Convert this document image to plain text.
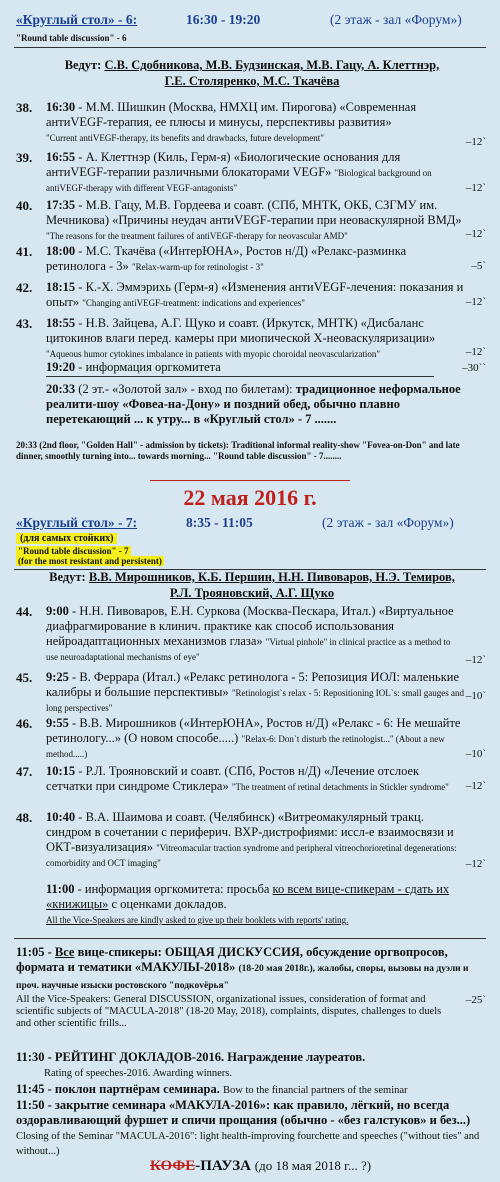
«Круглый стол» - 6:	16:30 - 19:20	(2 этаж - зал «Форум»)
"Round table discussion" - 6
Ведут: С.В. Сдобникова, М.В. Будзинская, М.В. Гацу, А. Клеттнэр,
Г.Е. Столяренко, М.С. Ткачёва
38. 16:30 - М.М. Шишкин (Москва, НМХЦ им. Пирогова) «Современная антиVEGF-терапия, ее плюсы и минусы, перспективы развития»
"Current antiVEGF-therapy, its benefits and drawbacks, future development"	–12`
39. 16:55 - А. Клеттнэр (Киль, Герм-я) «Биологические основания для антиVEGF-терапии различными блокаторами VEGF» "Biological background on antiVEGF-therapy with different VEGF-antagonists"	–12`
40. 17:35 - М.В. Гацу, М.В. Гордеева и соавт. (СПб, МНТК, ОКБ, СЗГМУ им. Мечникова) «Причины неудач антиVEGF-терапии при неоваскулярной ВМД»
"The reasons for the treatment failures of antiVEGF-therapy for neovascular AMD"	–12`
41. 18:00 - М.С. Ткачёва («ИнтерЮНА», Ростов н/Д) «Релакс-разминка ретинолога - 3» "Relax-warm-up for retinologist - 3"	–5`
42. 18:15 - К.-Х. Эммэрихь (Герм-я) «Изменения антиVEGF-лечения: показания и опыт» "Changing antiVEGF-treatment: indications and experiences"	–12`
43. 18:55 - Н.В. Зайцева, А.Г. Щуко и соавт. (Иркутск, МНТК) «Дисбаланс цитокинов влаги перед. камеры при миопической Х-неоваскуляризации»
"Aqueous humor cytokines imbalance in patients with myopic choroidal neovascularization"	–12`
19:20 - информация оргкомитета	–30``
20:33 (2 эт.- «Золотой зал» - вход по билетам): традиционное неформальное реалити-шоу «Фовеа-на-Дону» и поздний обед, обычно плавно перетекающий ... к утру... в «Круглый стол» - 7 .......
20:33 (2nd floor, "Golden Hall" - admission by tickets): Traditional informal reality-show "Fovea-on-Don" and late dinner, smoothly turning into... towards morning... "Round table discussion" - 7........
22 мая 2016 г.
«Круглый стол» - 7:	8:35 - 11:05	(2 этаж - зал «Форум»)
(для самых стойких)
"Round table discussion" - 7
(for the most resistant and persistent)
Ведут: В.В. Мирошников, К.Б. Першин, Н.Н. Пивоваров, Н.Э. Темиров,
Р.Л. Трояновский, А.Г. Щуко
44. 9:00 - Н.Н. Пивоваров, Е.Н. Суркова (Москва-Пескара, Итал.) «Виртуальное диафрагмирование в клинич. практике как способ использования нейроадаптационных механизмов глаза» "Virtual pinhole" in clinical practice as a method to use neuroadaptational mechanisms of eye"	–12`
45. 9:25 - В. Феррара (Итал.) «Релакс ретинолога - 5: Репозиция ИОЛ: маленькие калибры и большие перспективы» "Retinologist`s relax - 5: Repositioning IOL`s: small gauges and long perspectives"
–10`
46. 9:55 - В.В. Мирошников («ИнтерЮНА», Ростов н/Д) «Релакс - 6: Не мешайте ретинологу...» (О новом способе.....) "Relax-6: Don`t disturb the retinologist..." (About a new method.....)	–10`
47. 10:15 - Р.Л. Трояновский и соавт. (СПб, Ростов н/Д) «Лечение отслоек сетчатки при синдроме Стиклера» "The treatment of retinal detachments in Stickler syndrome"	–12`
48. 10:40 - В.А. Шаимова и соавт. (Челябинск) «Витреомакулярный тракц. синдром в сочетании с периферич. ВХР-дистрофиями: иссл-е взаимосвязи и ОКТ-визуализация» "Vitreomacular traction syndrome and peripheral vitreochorioretinal degenerations: comorbidity and OCT imaging"	–12`
11:00 - информация оргкомитета: просьба ко всем вице-спикерам - сдать их «книжицы» с оценками докладов.
All the Vice-Speakers are kindly asked to give up their booklets with reports' rating.
11:05 - Все вице-спикеры: ОБЩАЯ ДИСКУССИЯ, обсуждение оргвопросов, формата и тематики «МАКУЛЫ-2018» (18-20 мая 2018г.), жалобы, споры, вызовы на дуэли и проч. научные изыски ростовского "подкovёрья"

All the Vice-Speakers: General DISCUSSION, organizational issues, consideration of format and scientific subjects of "MACULA-2018" (18-20 May, 2018), complaints, disputes, challenges to duels and other scientific frills...
–25`
11:30 - РЕЙТИНГ ДОКЛАДОВ-2016. Награждение лауреатов.
Rating of speeches-2016. Awarding winners.
11:45 - поклон партнёрам семинара. Bow to the financial partners of the seminar
11:50 - закрытие семинара «МАКУЛА-2016»: как правило, лёгкий, но всегда оздоравливающий фуршет и спичи прощания (обычно - «без галстуков» и без...)
Closing of the Seminar "MACULA-2016": light health-improving fourchette and speeches ("without ties" and without...)
КОФЕ-ПАУЗА (до 18 мая 2018 г... ?)
